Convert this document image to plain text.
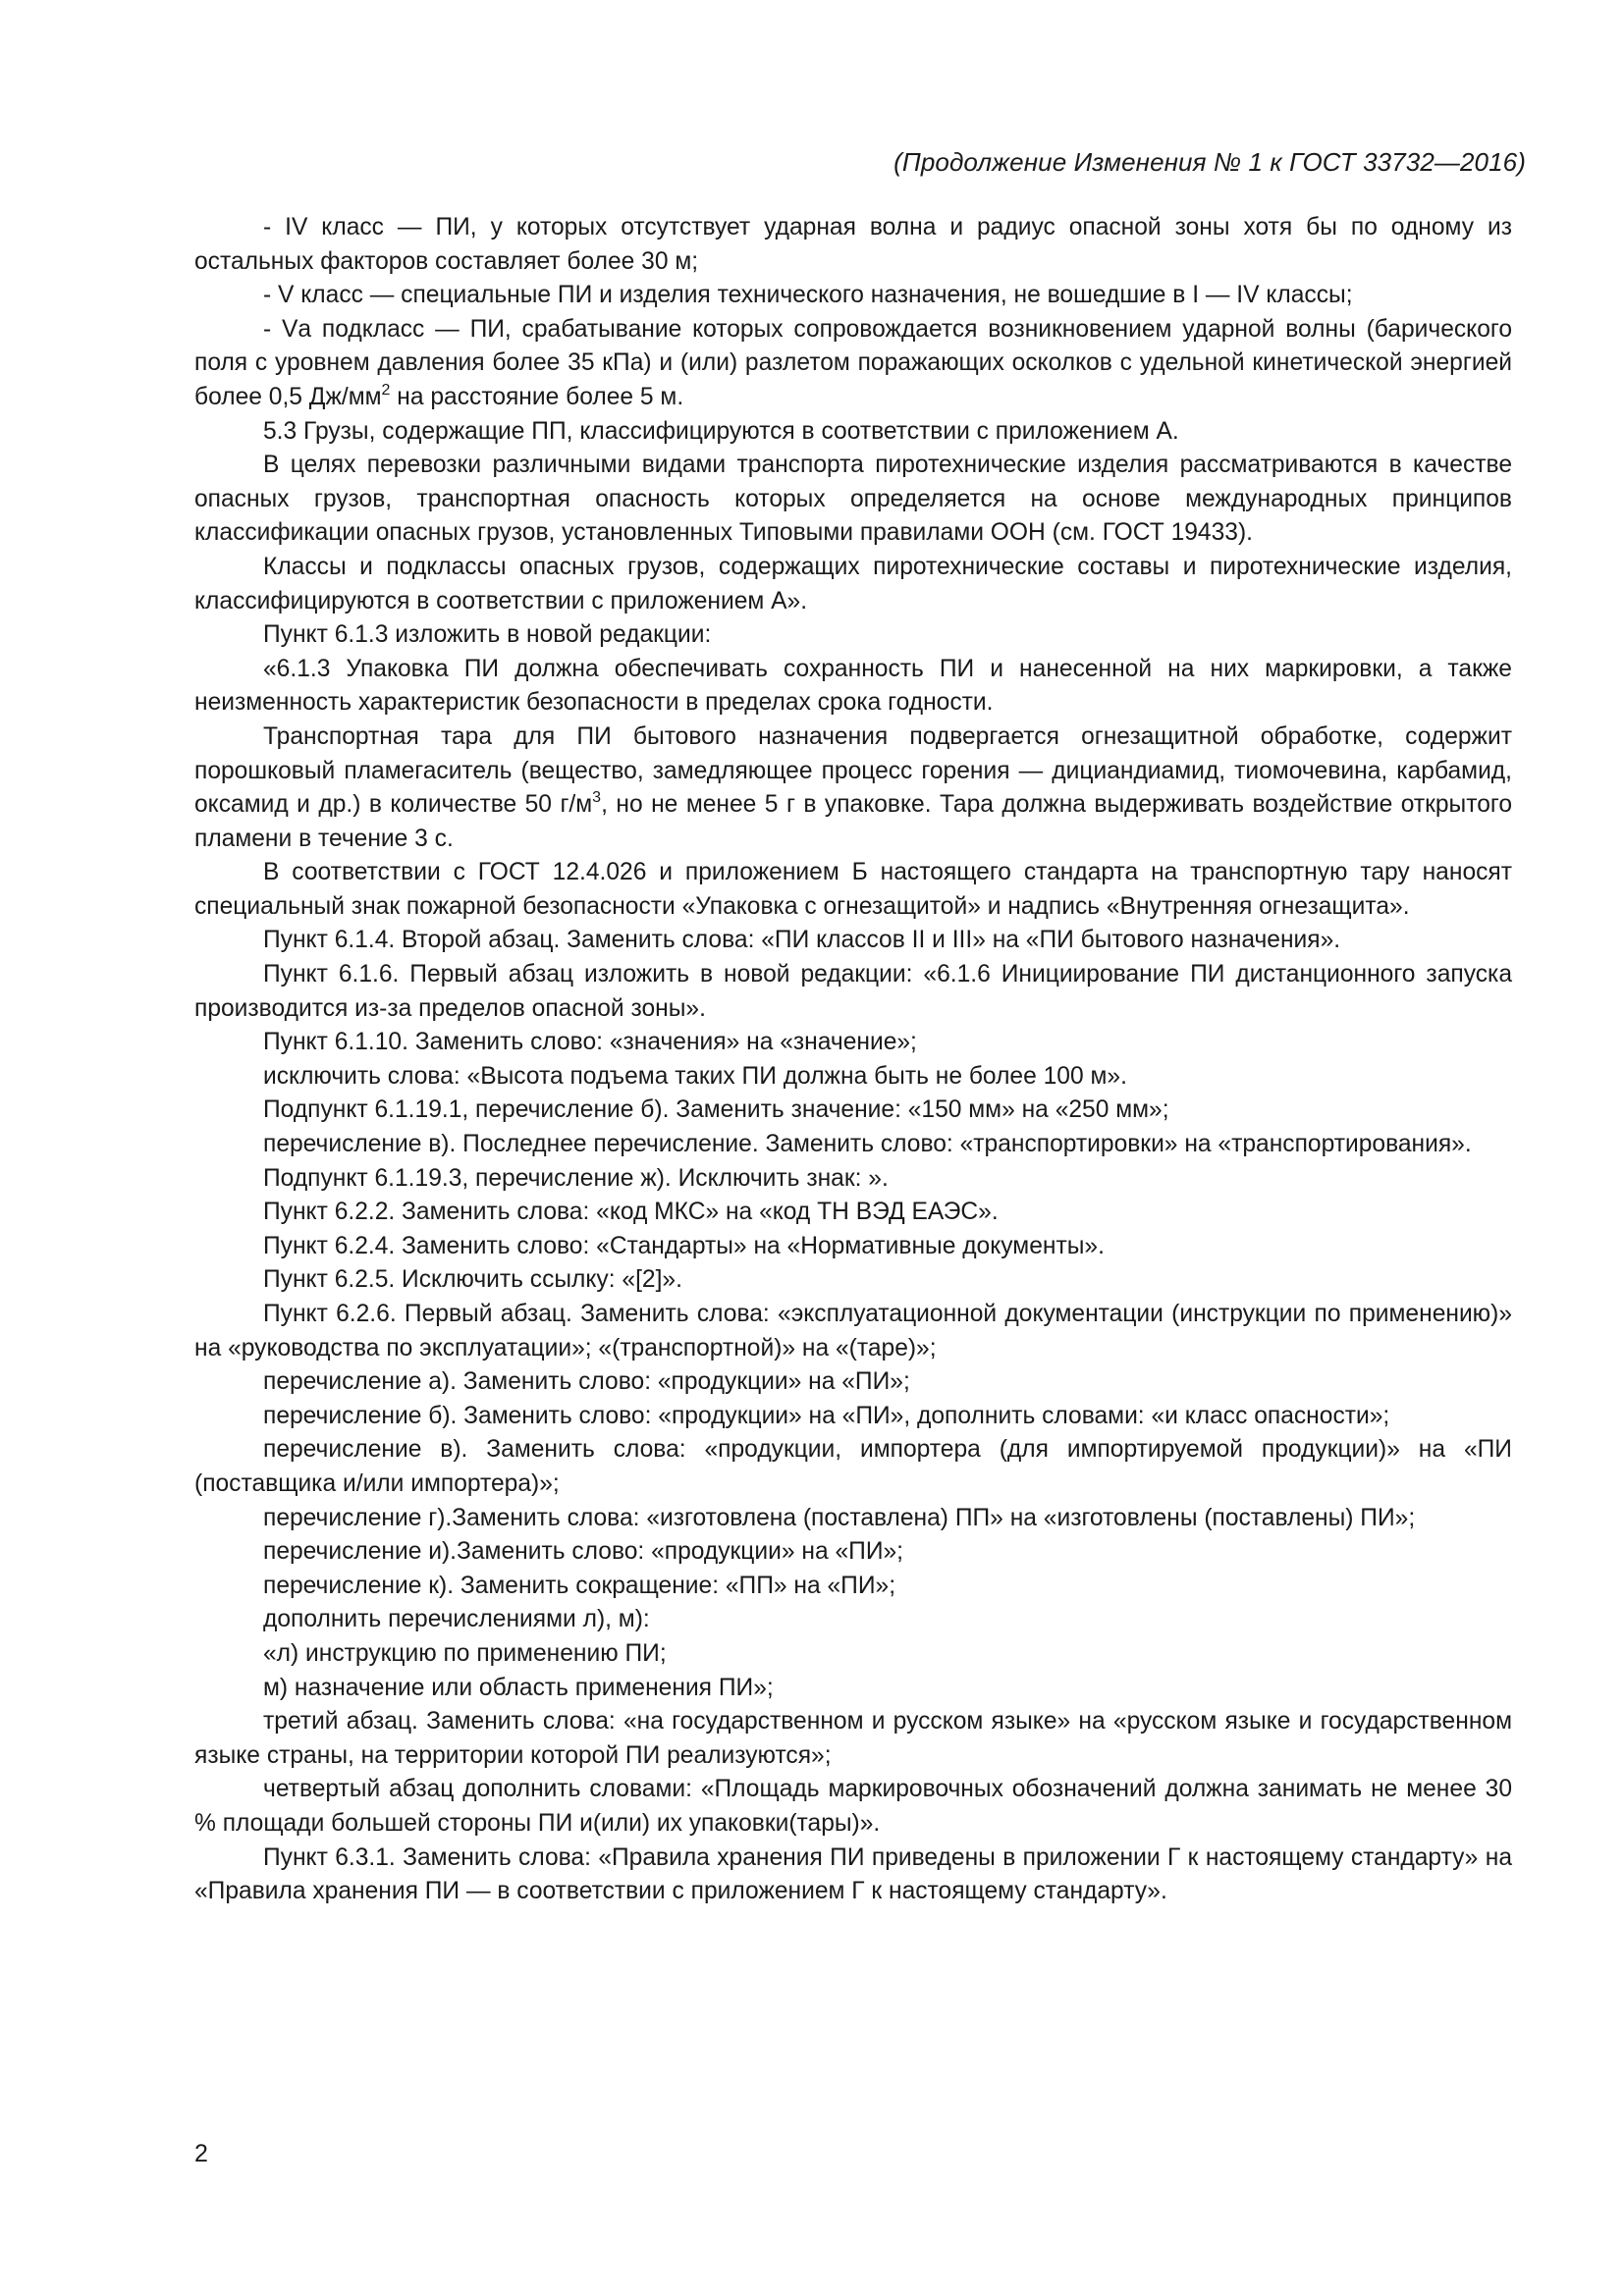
(Продолжение Изменения № 1 к ГОСТ 33732—2016)

- IV класс — ПИ, у которых отсутствует ударная волна и радиус опасной зоны хотя бы по одному из остальных факторов составляет более 30 м;

- V класс — специальные ПИ и изделия технического назначения, не вошедшие в I — IV классы;

- Vа подкласс — ПИ, срабатывание которых сопровождается возникновением ударной волны (барического поля с уровнем давления более 35 кПа) и (или) разлетом поражающих осколков с удельной кинетической энергией более 0,5 $Дж/мм^2$ на расстояние более 5 м.

5.3 Грузы, содержащие ПП, классифицируются в соответствии с приложением А.

В целях перевозки различными видами транспорта пиротехнические изделия рассматриваются в качестве опасных грузов, транспортная опасность которых определяется на основе международных принципов классификации опасных грузов, установленных Типовыми правилами ООН (см. ГОСТ 19433).

Классы и подклассы опасных грузов, содержащих пиротехнические составы и пиротехнические изделия, классифицируются в соответствии с приложением А».

Пункт 6.1.3 изложить в новой редакции:

«6.1.3 Упаковка ПИ должна обеспечивать сохранность ПИ и нанесенной на них маркировки, а также неизменность характеристик безопасности в пределах срока годности.

Транспортная тара для ПИ бытового назначения подвергается огнезащитной обработке, содержит порошковый пламегаситель (вещество, замедляющее процесс горения — дициандиамид, тиомочевина, карбамид, оксамид и др.) в количестве 50 $г/м^3$, но не менее 5 г в упаковке. Тара должна выдерживать воздействие открытого пламени в течение 3 с.

В соответствии с ГОСТ 12.4.026 и приложением Б настоящего стандарта на транспортную тару наносят специальный знак пожарной безопасности «Упаковка с огнезащитой» и надпись «Внутренняя огнезащита».

Пункт 6.1.4. Второй абзац. Заменить слова: «ПИ классов II и III» на «ПИ бытового назначения».

Пункт 6.1.6. Первый абзац изложить в новой редакции: «6.1.6 Инициирование ПИ дистанционного запуска производится из-за пределов опасной зоны».

Пункт 6.1.10. Заменить слово: «значения» на «значение»;

исключить слова: «Высота подъема таких ПИ должна быть не более 100 м».

Подпункт 6.1.19.1, перечисление б). Заменить значение: «150 мм» на «250 мм»;

перечисление в). Последнее перечисление. Заменить слово: «транспортировки» на «транспортирования».

Подпункт 6.1.19.3, перечисление ж). Исключить знак: ».

Пункт 6.2.2. Заменить слова: «код МКС» на «код ТН ВЭД ЕАЭС».

Пункт 6.2.4. Заменить слово: «Стандарты» на «Нормативные документы».

Пункт 6.2.5. Исключить ссылку: «[2]».

Пункт 6.2.6. Первый абзац. Заменить слова: «эксплуатационной документации (инструкции по применению)» на «руководства по эксплуатации»; «(транспортной)» на «(таре)»;

перечисление а). Заменить слово: «продукции» на «ПИ»;

перечисление б). Заменить слово: «продукции» на «ПИ», дополнить словами: «и класс опасности»;

перечисление в). Заменить слова: «продукции, импортера (для импортируемой продукции)» на «ПИ (поставщика и/или импортера)»;

перечисление г).Заменить слова: «изготовлена (поставлена) ПП» на «изготовлены (поставлены) ПИ»;

перечисление и).Заменить слово: «продукции» на «ПИ»;

перечисление к). Заменить сокращение: «ПП» на «ПИ»;

дополнить перечислениями л), м):

«л) инструкцию по применению ПИ;

м) назначение или область применения ПИ»;

третий абзац. Заменить слова: «на государственном и русском языке» на «русском языке и государственном языке страны, на территории которой ПИ реализуются»;

четвертый абзац дополнить словами: «Площадь маркировочных обозначений должна занимать не менее 30 % площади большей стороны ПИ и(или) их упаковки(тары)».

Пункт 6.3.1. Заменить слова: «Правила хранения ПИ приведены в приложении Г к настоящему стандарту» на «Правила хранения ПИ — в соответствии с приложением Г к настоящему стандарту».

2
